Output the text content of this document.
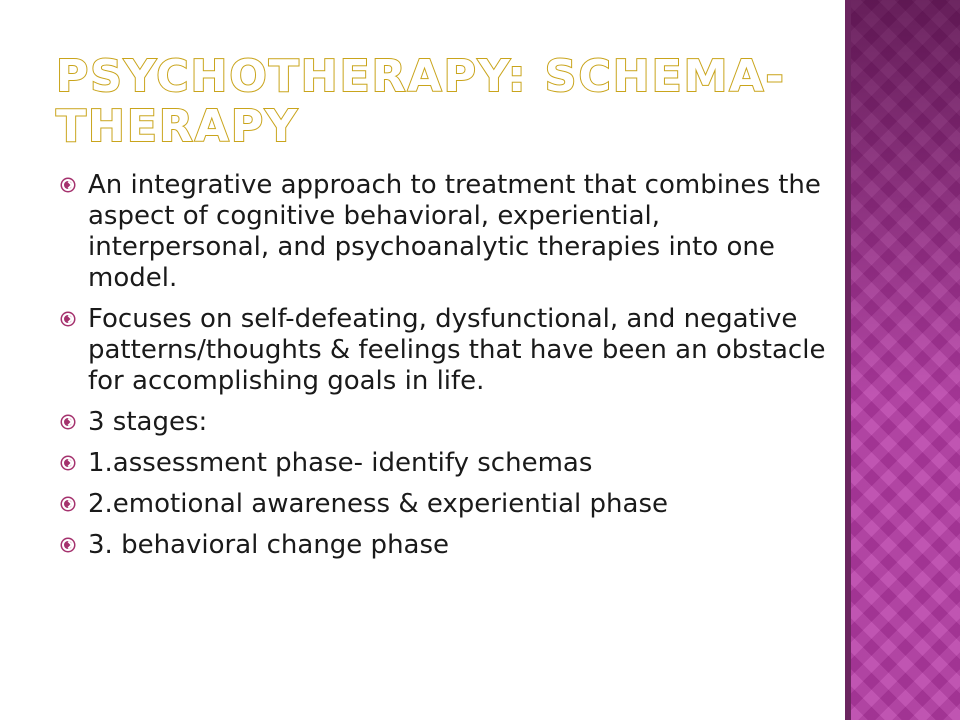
PSYCHOTHERAPY: SCHEMA-THERAPY
An integrative approach to treatment that combines the aspect of cognitive behavioral, experiential, interpersonal, and psychoanalytic therapies into one model.
Focuses on self-defeating, dysfunctional, and negative patterns/thoughts & feelings that have been an obstacle for accomplishing goals in life.
3 stages:
1.assessment phase- identify schemas
2.emotional awareness & experiential phase
3. behavioral change phase
